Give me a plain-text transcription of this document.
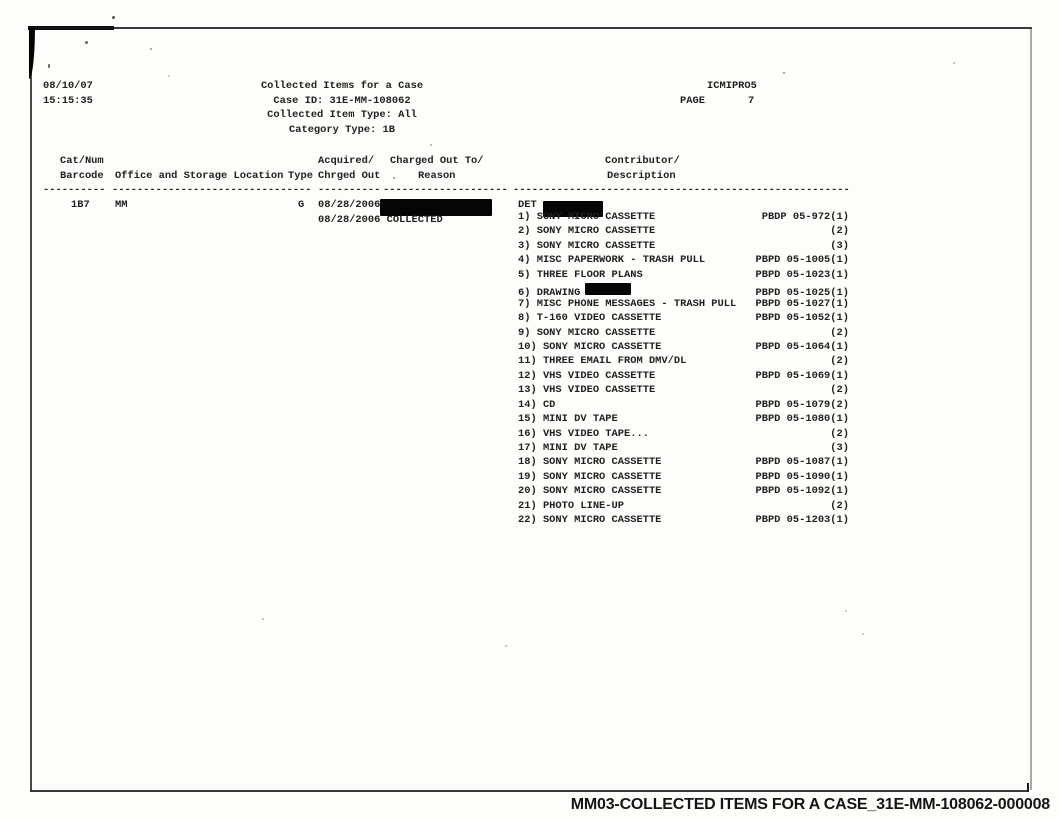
08/10/07
15:15:35
Collected Items for a Case
Case ID: 31E-MM-108062
Collected Item Type: All
Category Type: 1B
ICMIPRO5
PAGE	7
Cat/Num	Acquired/ Charged Out To/	Contributor/
Barcode Office and Storage Location Type Chrged Out	Reason	Description
---------- -------------------------------- ---------- -------------------- ------------------------------------------------------
1B7 MM	G 08/28/2006	DET
08/28/2006 COLLECTED	1) SONY MICRO CASSETTE	PBDP 05-972(1)
2) SONY MICRO CASSETTE	(2)
3) SONY MICRO CASSETTE	(3)
4) MISC PAPERWORK - TRASH PULL	PBPD 05-1005(1)
5) THREE FLOOR PLANS	PBPD 05-1023(1)
6) DRAWING	PBPD 05-1025(1)
7) MISC PHONE MESSAGES - TRASH PULL PBPD 05-1027(1)
8) T-160 VIDEO CASSETTE	PBPD 05-1052(1)
9) SONY MICRO CASSETTE	(2)
10) SONY MICRO CASSETTE	PBPD 05-1064(1)
11) THREE EMAIL FROM DMV/DL	(2)
12) VHS VIDEO CASSETTE	PBPD 05-1069(1)
13) VHS VIDEO CASSETTE	(2)
14) CD	PBPD 05-1079(2)
15) MINI DV TAPE	PBPD 05-1080(1)
16) VHS VIDEO TAPE...	(2)
17) MINI DV TAPE	(3)
18) SONY MICRO CASSETTE	PBPD 05-1087(1)
19) SONY MICRO CASSETTE	PBPD 05-1090(1)
20) SONY MICRO CASSETTE	PBPD 05-1092(1)
21) PHOTO LINE-UP	(2)
22) SONY MICRO CASSETTE	PBPD 05-1203(1)
MM03-COLLECTED ITEMS FOR A CASE_31E-MM-108062-000008
